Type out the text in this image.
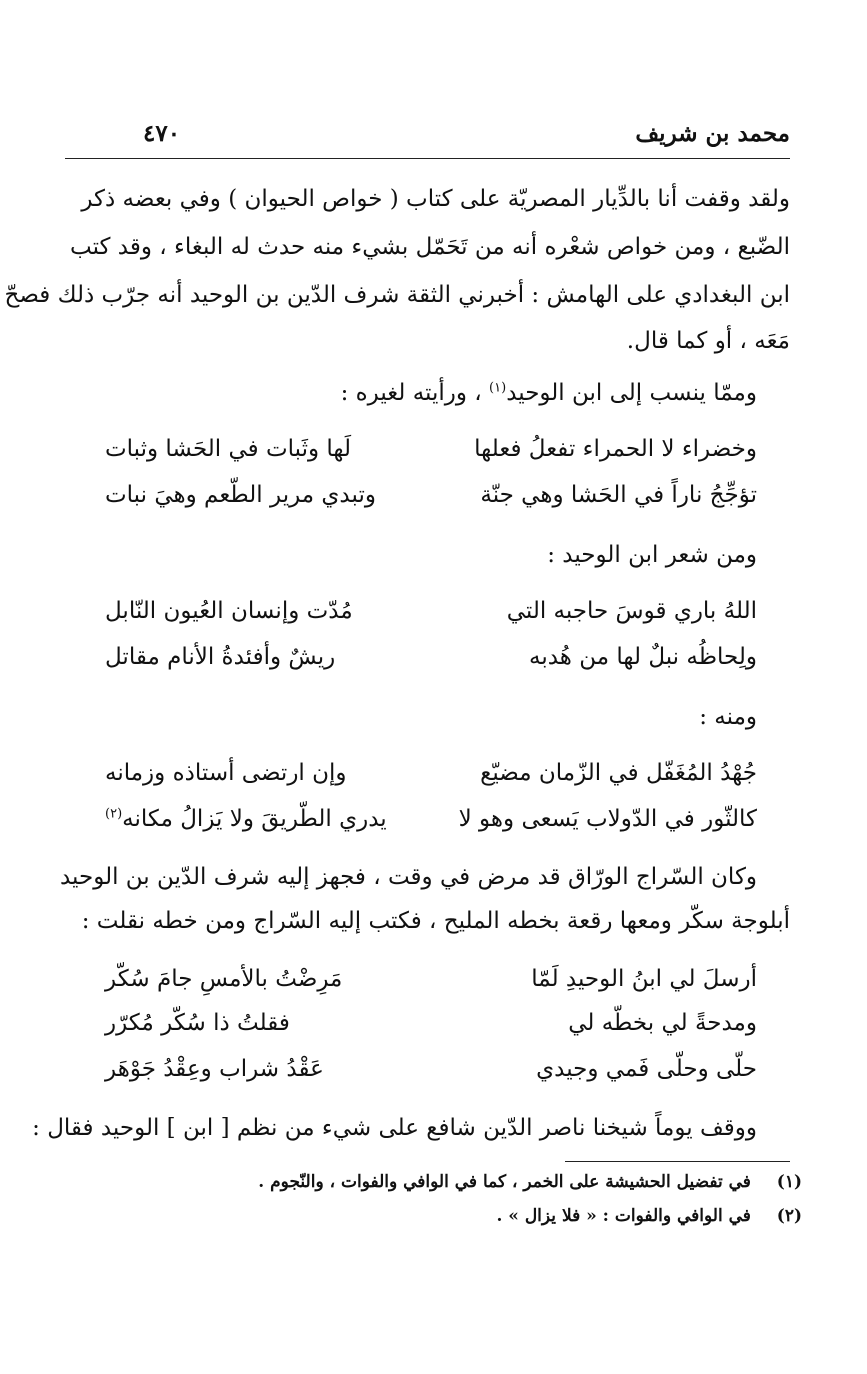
محمد بن شريف
٤٧٠
ولقد وقفت أنا بالدِّيار المصريّة على كتاب ( خواص الحيوان ) وفي بعضه ذكر
الضّبع ، ومن خواص شعْره أنه من تَحَمّل بشيء منه حدث له البغاء ، وقد كتب
ابن البغدادي على الهامش : أخبرني الثقة شرف الدّين بن الوحيد أنه جرّب ذلك فصحّ
مَعَه ، أو كما قال.
وممّا ينسب إلى ابن الوحيد$^{(١)}$ ، ورأيته لغيره :
وخضراء لا الحمراء تفعلُ فعلها
لَها وثَبات في الحَشا وثبات
تؤجِّجُ ناراً في الحَشا وهي جنّة
وتبدي مرير الطّعم وهيَ نبات
ومن شعر ابن الوحيد :
اللهُ باري قوسَ حاجبه التي
مُدّت وإنسان العُيون النّابل
ولِحاظُه نبلٌ لها من هُدبه
ريشٌ وأفئدةُ الأنام مقاتل
ومنه :
جُهْدُ المُغَفّل في الزّمان مضيّع
وإن ارتضى أستاذه وزمانه
كالثّور في الدّولاب يَسعى وهو لا
يدري الطّريقَ ولا يَزالُ مكانه$^{(٢)}$
وكان السّراج الورّاق قد مرض في وقت ، فجهز إليه شرف الدّين بن الوحيد
أبلوجة سكّر ومعها رقعة بخطه المليح ، فكتب إليه السّراج ومن خطه نقلت :
أرسلَ لي ابنُ الوحيدِ لَمّا
مَرِضْتُ بالأمسِ جامَ سُكّر
ومدحةً لي بخطّه لي
فقلتُ ذا سُكّر مُكرّر
حلّى وحلّى فَمي وجيدي
عَقْدُ شراب وعِقْدُ جَوْهَر
ووقف يوماً شيخنا ناصر الدّين شافع على شيء من نظم [ ابن ] الوحيد فقال :
(١)  في تفضيل الحشيشة على الخمر ، كما في الوافي والفوات ، والنّجوم .
(٢)  في الوافي والفوات : « فلا يزال » .
